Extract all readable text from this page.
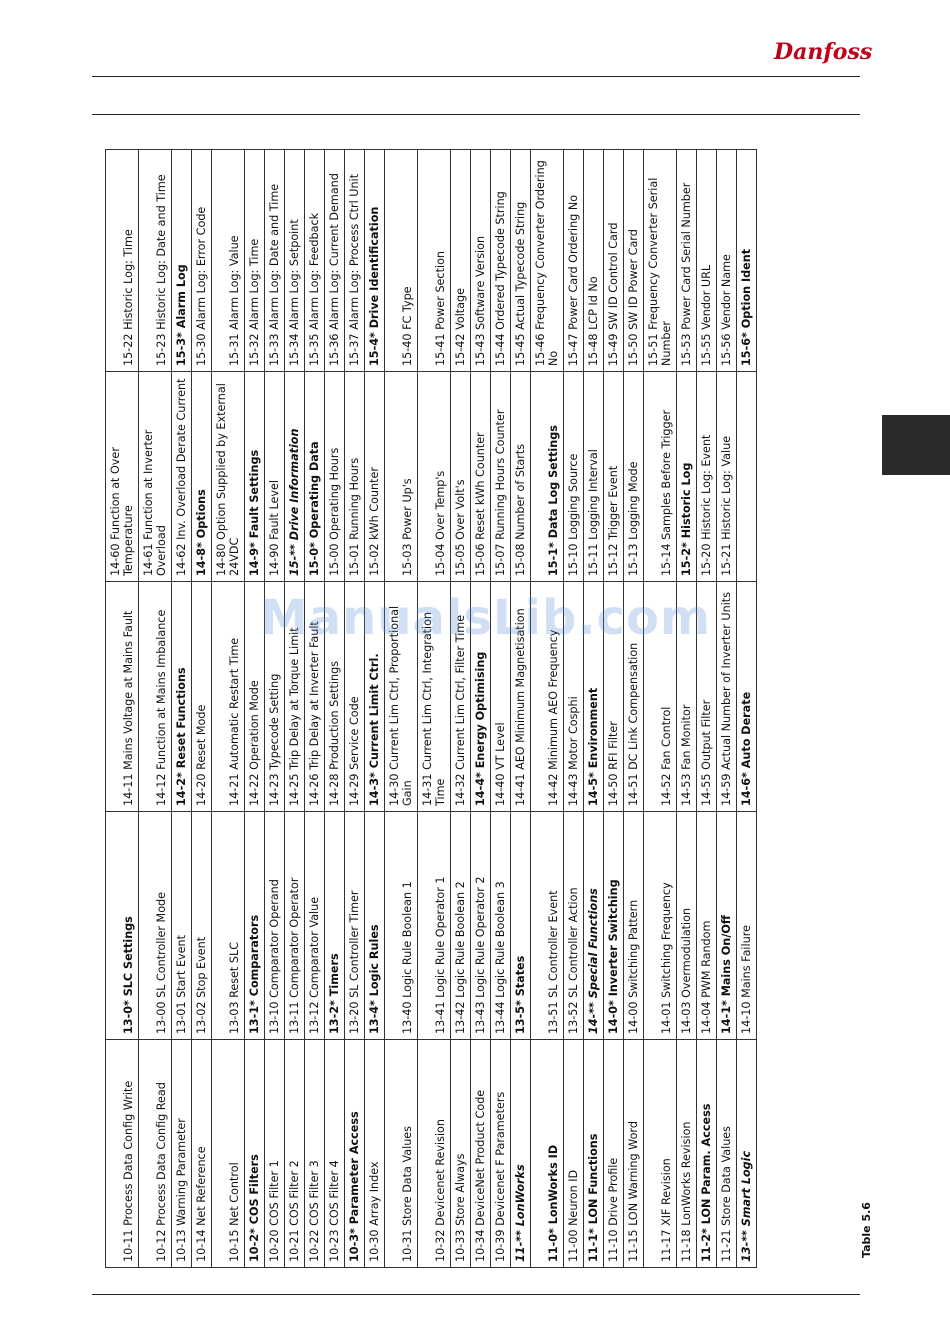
Danfoss
10-11 Process Data Config Write	13-0* SLC Settings	14-11 Mains Voltage at Mains Fault	14-60 Function at Over Temperature	15-22 Historic Log: Time
10-12 Process Data Config Read	13-00 SL Controller Mode	14-12 Function at Mains Imbalance	14-61 Function at Inverter Overload	15-23 Historic Log: Date and Time
10-13 Warning Parameter	13-01 Start Event	14-2* Reset Functions	14-62 Inv. Overload Derate Current	15-3* Alarm Log
10-14 Net Reference	13-02 Stop Event	14-20 Reset Mode	14-8* Options	15-30 Alarm Log: Error Code
10-15 Net Control	13-03 Reset SLC	14-21 Automatic Restart Time	14-80 Option Supplied by External 24VDC	15-31 Alarm Log: Value
10-2* COS Filters	13-1* Comparators	14-22 Operation Mode	14-9* Fault Settings	15-32 Alarm Log: Time
10-20 COS Filter 1	13-10 Comparator Operand	14-23 Typecode Setting	14-90 Fault Level	15-33 Alarm Log: Date and Time
10-21 COS Filter 2	13-11 Comparator Operator	14-25 Trip Delay at Torque Limit	15-** Drive Information	15-34 Alarm Log: Setpoint
10-22 COS Filter 3	13-12 Comparator Value	14-26 Trip Delay at Inverter Fault	15-0* Operating Data	15-35 Alarm Log: Feedback
10-23 COS Filter 4	13-2* Timers	14-28 Production Settings	15-00 Operating Hours	15-36 Alarm Log: Current Demand
10-3* Parameter Access	13-20 SL Controller Timer	14-29 Service Code	15-01 Running Hours	15-37 Alarm Log: Process Ctrl Unit
10-30 Array Index	13-4* Logic Rules	14-3* Current Limit Ctrl.	15-02 kWh Counter	15-4* Drive Identification
10-31 Store Data Values	13-40 Logic Rule Boolean 1	14-30 Current Lim Ctrl, Proportional Gain	15-03 Power Up's	15-40 FC Type
10-32 Devicenet Revision	13-41 Logic Rule Operator 1	14-31 Current Lim Ctrl, Integration Time	15-04 Over Temp's	15-41 Power Section
10-33 Store Always	13-42 Logic Rule Boolean 2	14-32 Current Lim Ctrl, Filter Time	15-05 Over Volt's	15-42 Voltage
10-34 DeviceNet Product Code	13-43 Logic Rule Operator 2	14-4* Energy Optimising	15-06 Reset kWh Counter	15-43 Software Version
10-39 Devicenet F Parameters	13-44 Logic Rule Boolean 3	14-40 VT Level	15-07 Running Hours Counter	15-44 Ordered Typecode String
11-** LonWorks	13-5* States	14-41 AEO Minimum Magnetisation	15-08 Number of Starts	15-45 Actual Typecode String
11-0* LonWorks ID	13-51 SL Controller Event	14-42 Minimum AEO Frequency	15-1* Data Log Settings	15-46 Frequency Converter Ordering No
11-00 Neuron ID	13-52 SL Controller Action	14-43 Motor Cosphi	15-10 Logging Source	15-47 Power Card Ordering No
11-1* LON Functions	14-** Special Functions	14-5* Environment	15-11 Logging Interval	15-48 LCP Id No
11-10 Drive Profile	14-0* Inverter Switching	14-50 RFI Filter	15-12 Trigger Event	15-49 SW ID Control Card
11-15 LON Warning Word	14-00 Switching Pattern	14-51 DC Link Compensation	15-13 Logging Mode	15-50 SW ID Power Card
11-17 XIF Revision	14-01 Switching Frequency	14-52 Fan Control	15-14 Samples Before Trigger	15-51 Frequency Converter Serial Number
11-18 LonWorks Revision	14-03 Overmodulation	14-53 Fan Monitor	15-2* Historic Log	15-53 Power Card Serial Number
11-2* LON Param. Access	14-04 PWM Random	14-55 Output Filter	15-20 Historic Log: Event	15-55 Vendor URL
11-21 Store Data Values	14-1* Mains On/Off	14-59 Actual Number of Inverter Units	15-21 Historic Log: Value	15-56 Vendor Name
13-** Smart Logic	14-10 Mains Failure	14-6* Auto Derate		15-6* Option Ident
Table 5.6
ManualsLib.com
